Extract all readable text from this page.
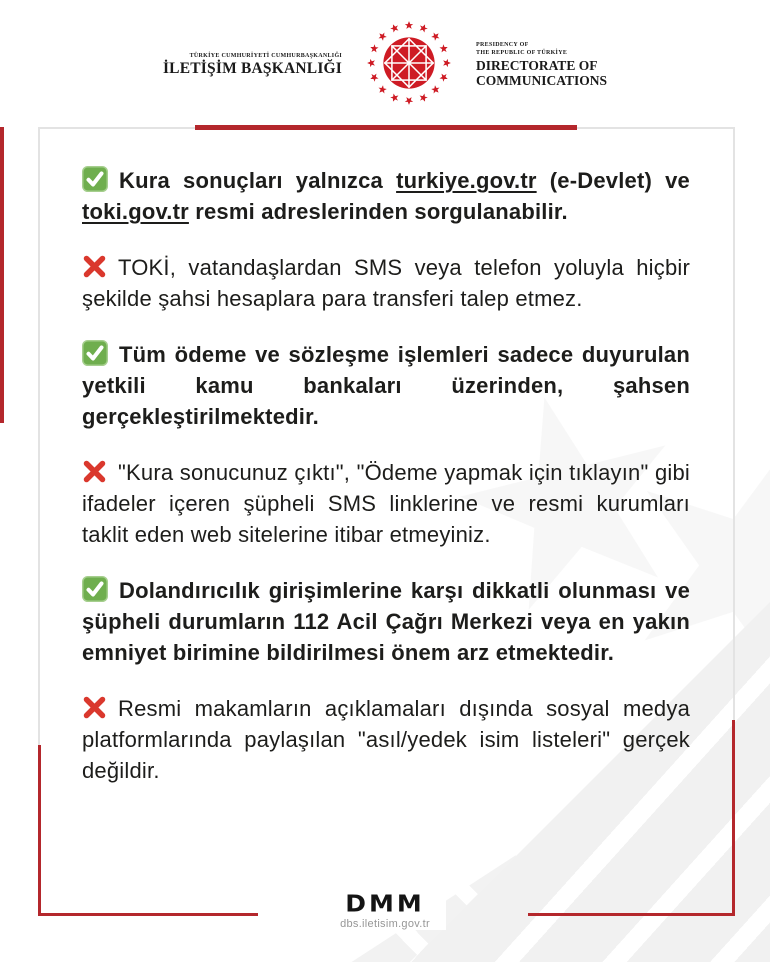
TÜRKİYE CUMHURİYETİ CUMHURBAŞKANLIĞI
İLETİŞİM BAŞKANLIĞI
PRESIDENCY OF
THE REPUBLIC OF TÜRKİYE
DIRECTORATE OF
COMMUNICATIONS

Kura sonuçları yalnızca turkiye.gov.tr (e-Devlet) ve toki.gov.tr resmi adreslerinden sorgulanabilir.

TOKİ, vatandaşlardan SMS veya telefon yoluyla hiçbir şekilde şahsi hesaplara para transferi talep etmez.

Tüm ödeme ve sözleşme işlemleri sadece duyurulan yetkili kamu bankaları üzerinden, şahsen gerçekleştirilmektedir.

"Kura sonucunuz çıktı", "Ödeme yapmak için tıklayın" gibi ifadeler içeren şüpheli SMS linklerine ve resmi kurumları taklit eden web sitelerine itibar etmeyiniz.

Dolandırıcılık girişimlerine karşı dikkatli olunması ve şüpheli durumların 112 Acil Çağrı Merkezi veya en yakın emniyet birimine bildirilmesi önem arz etmektedir.

Resmi makamların açıklamaları dışında sosyal medya platformlarında paylaşılan "asıl/yedek isim listeleri" gerçek değildir.

DMM
dbs.iletisim.gov.tr
